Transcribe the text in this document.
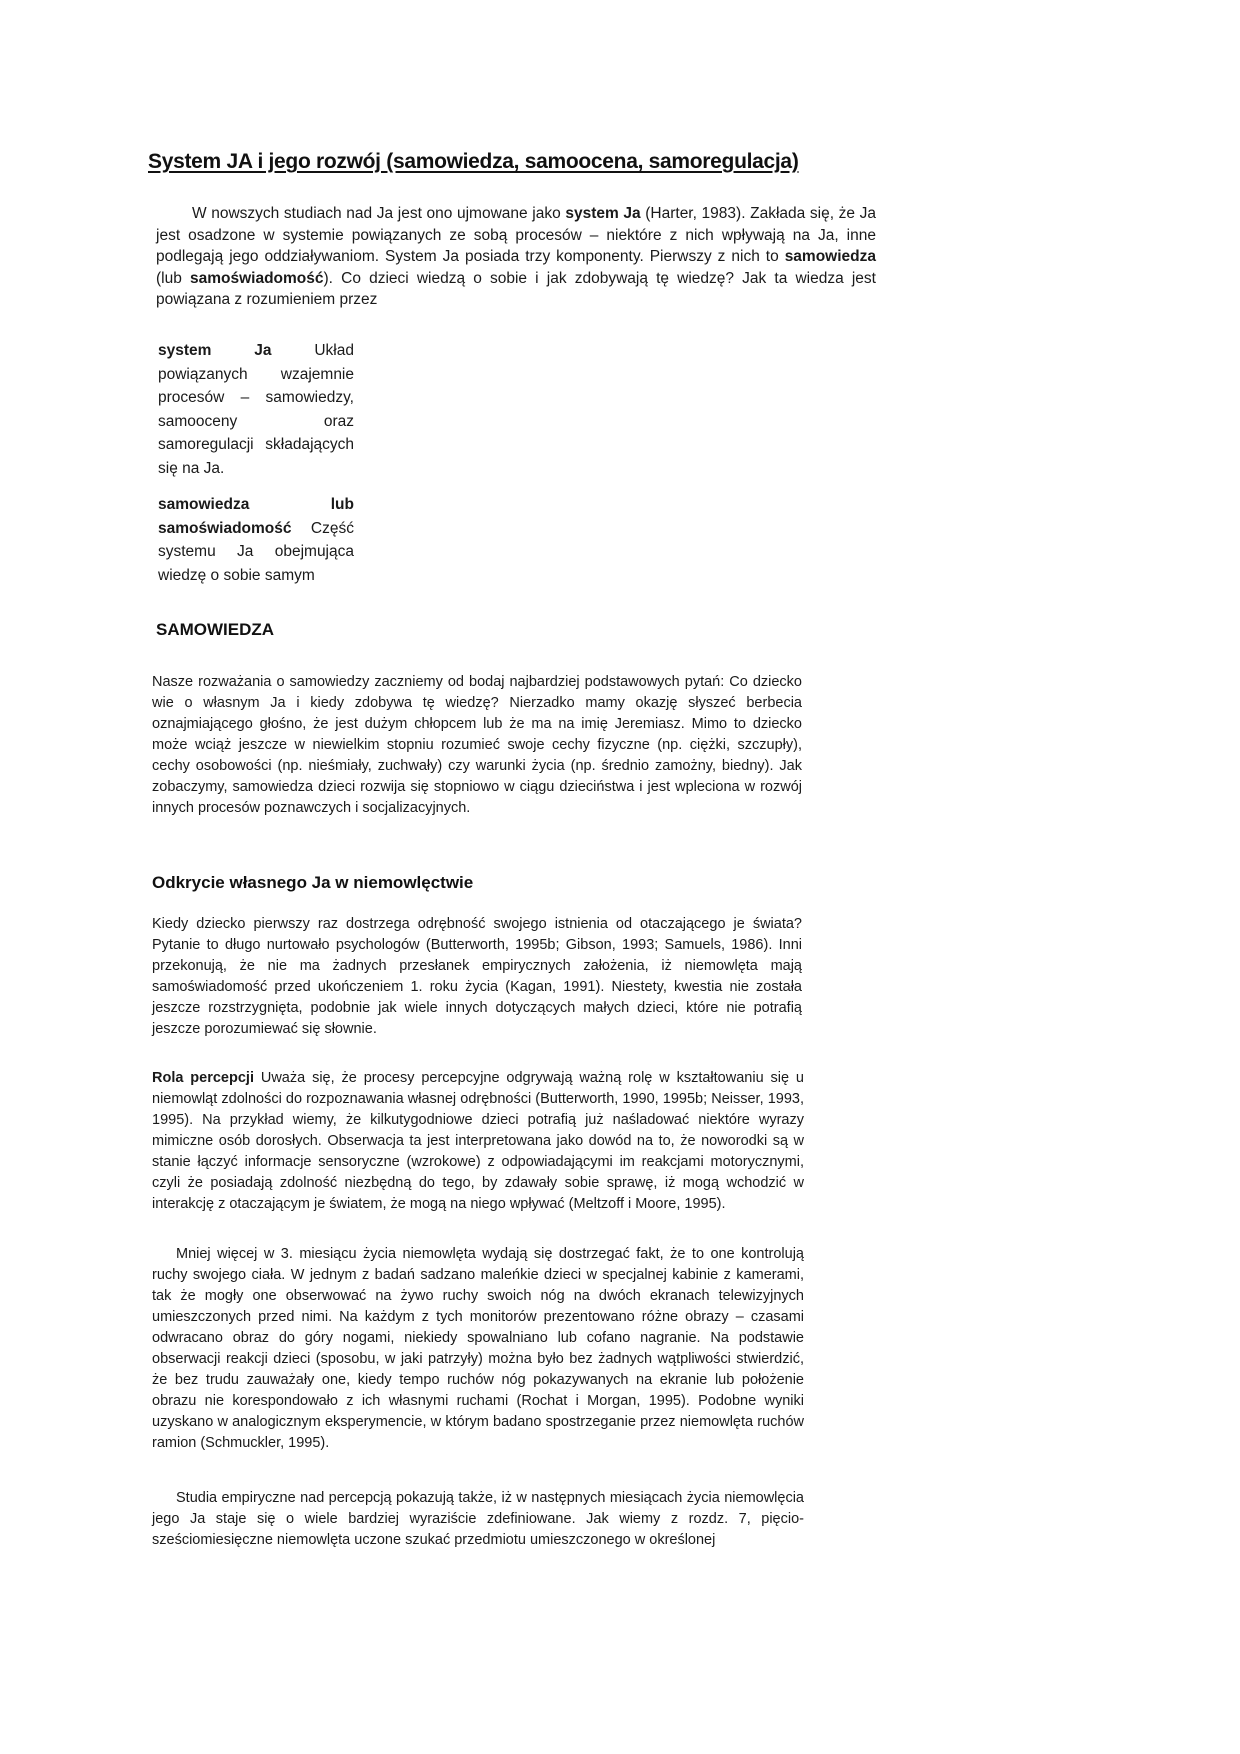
System JA i jego rozwój (samowiedza, samoocena, samoregulacja)

W nowszych studiach nad Ja jest ono ujmowane jako system Ja (Harter, 1983). Zakłada się, że Ja jest osadzone w systemie powiązanych ze sobą procesów – niektóre z nich wpływają na Ja, inne podlegają jego oddziaływaniom. System Ja posiada trzy komponenty. Pierwszy z nich to samowiedza (lub samoświadomość). Co dzieci wiedzą o sobie i jak zdobywają tę wiedzę? Jak ta wiedza jest powiązana z rozumieniem przez

system Ja Układ powiązanych wzajemnie procesów – samowiedzy, samooceny oraz samoregulacji składających się na Ja.

samowiedza lub samoświadomość Część systemu Ja obejmująca wiedzę o sobie samym

SAMOWIEDZA

Nasze rozważania o samowiedzy zaczniemy od bodaj najbardziej podstawowych pytań: Co dziecko wie o własnym Ja i kiedy zdobywa tę wiedzę? Nierzadko mamy okazję słyszeć berbecia oznajmiającego głośno, że jest dużym chłopcem lub że ma na imię Jeremiasz. Mimo to dziecko może wciąż jeszcze w niewielkim stopniu rozumieć swoje cechy fizyczne (np. ciężki, szczupły), cechy osobowości (np. nieśmiały, zuchwały) czy warunki życia (np. średnio zamożny, biedny). Jak zobaczymy, samowiedza dzieci rozwija się stopniowo w ciągu dzieciństwa i jest wpleciona w rozwój innych procesów poznawczych i socjalizacyjnych.

Odkrycie własnego Ja w niemowlęctwie

Kiedy dziecko pierwszy raz dostrzega odrębność swojego istnienia od otaczającego je świata? Pytanie to długo nurtowało psychologów (Butterworth, 1995b; Gibson, 1993; Samuels, 1986). Inni przekonują, że nie ma żadnych przesłanek empirycznych założenia, iż niemowlęta mają samoświadomość przed ukończeniem 1. roku życia (Kagan, 1991). Niestety, kwestia nie została jeszcze rozstrzygnięta, podobnie jak wiele innych dotyczących małych dzieci, które nie potrafią jeszcze porozumiewać się słownie.

Rola percepcji Uważa się, że procesy percepcyjne odgrywają ważną rolę w kształtowaniu się u niemowląt zdolności do rozpoznawania własnej odrębności (Butterworth, 1990, 1995b; Neisser, 1993, 1995). Na przykład wiemy, że kilkutygodniowe dzieci potrafią już naśladować niektóre wyrazy mimiczne osób dorosłych. Obserwacja ta jest interpretowana jako dowód na to, że noworodki są w stanie łączyć informacje sensoryczne (wzrokowe) z odpowiadającymi im reakcjami motorycznymi, czyli że posiadają zdolność niezbędną do tego, by zdawały sobie sprawę, iż mogą wchodzić w interakcję z otaczającym je światem, że mogą na niego wpływać (Meltzoff i Moore, 1995).

Mniej więcej w 3. miesiącu życia niemowlęta wydają się dostrzegać fakt, że to one kontrolują ruchy swojego ciała. W jednym z badań sadzano maleńkie dzieci w specjalnej kabinie z kamerami, tak że mogły one obserwować na żywo ruchy swoich nóg na dwóch ekranach telewizyjnych umieszczonych przed nimi. Na każdym z tych monitorów prezentowano różne obrazy – czasami odwracano obraz do góry nogami, niekiedy spowalniano lub cofano nagranie. Na podstawie obserwacji reakcji dzieci (sposobu, w jaki patrzyły) można było bez żadnych wątpliwości stwierdzić, że bez trudu zauważały one, kiedy tempo ruchów nóg pokazywanych na ekranie lub położenie obrazu nie korespondowało z ich własnymi ruchami (Rochat i Morgan, 1995). Podobne wyniki uzyskano w analogicznym eksperymencie, w którym badano spostrzeganie przez niemowlęta ruchów ramion (Schmuckler, 1995).

Studia empiryczne nad percepcją pokazują także, iż w następnych miesiącach życia niemowlęcia jego Ja staje się o wiele bardziej wyraziście zdefiniowane. Jak wiemy z rozdz. 7, pięcio-sześciomiesięczne niemowlęta uczone szukać przedmiotu umieszczonego w określonej
